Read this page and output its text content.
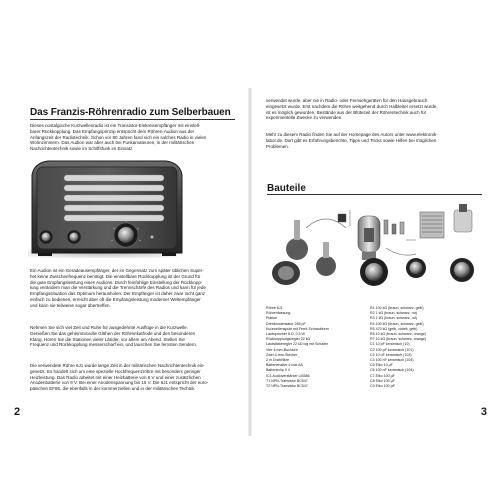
Das Franzis-Röhrenradio zum Selberbauen

Dieses nostalgische Kurzwellenradio ist ein Transistor-Einkreisempfänger mit einstell-
barer Rückkopplung. Das Empfangsprinzip entspricht dem Röhren-Audion aus der
Anfangszeit der Radiotechnik. Schon vor 80 Jahren fand sich ein solches Radio in vielen
Wohnzimmern. Das Audion war aber auch bei Funkamateuren, in der militärischen
Nachrichtentechnik sowie im Schiffsfunk im Einsatz.

Ein Audion ist ein Geradeausempfänger, der im Gegensatz zum später üblichen Super-
het keine Zwischenfrequenz benötigt. Die einstellbare Rückkopplung ist der Grund für
die gute Empfangsleistung eines Audions. Durch feinfühlige Einstellung der Rückkopp-
lung verändern man die Verstärkung und die Trennschärfe des Radios und kann für jede
Empfangssituation das Optimum herausholen. Der Empfänger ist daher zwar nicht ganz
einfach zu bedienen, erreicht aber oft die Empfangsleistung moderner Weltempfänger
und kann sie teilweise sogar übertreffen.

Nehmen Sie sich viel Zeit und Ruhe für ausgedehnte Ausflüge in die Kurzwelle.
Genießen Sie das geheimnisvolle Glühen der Röhrenkathode und den besonderen
Klang. Hören Sie die Stationen vieler Länder, vor allem am Abend. Stellen Sie
Frequenz und Rückkopplung messerscharf ein, und lauschen Sie fernsten Sendern.

Die verwendete Röhre 6J1 wurde lange Zeit in der militärischen Nachrichtentechnik ein-
gesetzt. Es handelt sich um eine spezielle Hochfrequenzröhre mit besonders geringer
Heizleistung. Das Radio arbeitet mit einer Heizbatterie von 6 V und einer zusätzlichen
Anodenbatterie von 9 V. Bei einer Anodenspannung bis 15 V. Die 6J1 entspricht der euro-
päischen EF95, die ebenfalls in der kommerziellen und in der militärischen Technik

2

verwendet wurde, aber nie in Radio- oder Fernsehgeräten für den Hausgebrauch
eingesetzt wurde. Erst nachdem die Röhre weitgehend durch Halbleiter ersetzt wurde,
ist es möglich geworden, Bestände aus der Blütezeit der Röhrentechnik auch für
experimentelle Zwecke zu verwenden.

Mehr zu diesem Radio finden Sie auf der Homepage des Autors unter www.elektronik-
labor.de. Dort gibt es Erfahrungsberichte, Tipps und Tricks sowie Hilfen bei möglichen
Problemen.

Bauteile
Röhre 6J1
Röhrenfassung
Platine
Drehkondensator 265 pF
Kurzwellenspule mit Ferrit-Schraubkern
Lautsprecher 8 Ω, 0,5 W
Rückkopplungsregler 22 kΩ
Lautstärkeregler 22 kΩ log mit Schalter
Vier 4-mm-Buchsen
Zwei 4-mm-Stecker
2 m Draht/litze
Batteriehalter 4 mal AA
Batterieclip 9 V
IC1 Audioverstärker LM386
T1 NPN-Transistor BC547
T2 NPN-Transistor BC547
R1 100 kΩ (braun, schwarz, gelb)
R2 1 kΩ (braun, schwarz, rot)
R3 1 kΩ (braun, schwarz, rot)
R4 100 kΩ (braun, schwarz, gelb)
R5 470 kΩ (gelb, violett, gelb)
R6 10 kΩ (braun, schwarz, orange)
R7 10 kΩ (braun, schwarz, orange)
C1 10 pF keramisch (10)
C2 100 pF keramisch (101)
C3 10 nF keramisch (103)
C4 100 nF keramisch (104)
C5 Elko 10 µF
C6 100 nF keramisch (104)
C7 Elko 100 µF
C8 Elko 100 µF
C9 Elko 100 µF
3
